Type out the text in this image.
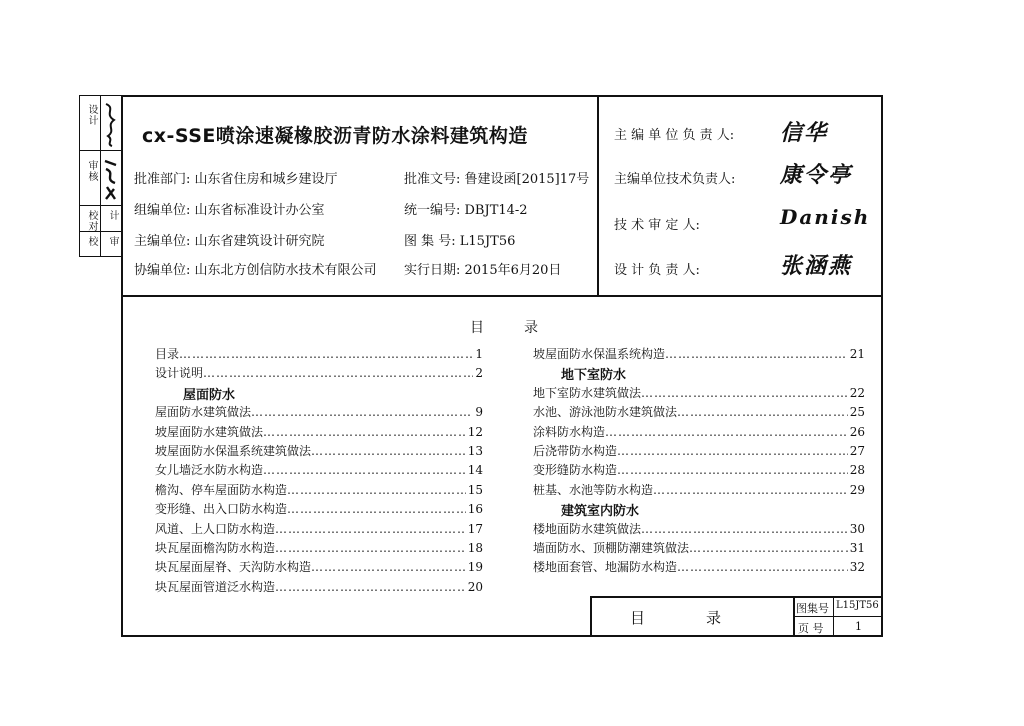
设计
审核
校对
校
计
审
cx-SSE喷涂速凝橡胶沥青防水涂料建筑构造
批准部门: 山东省住房和城乡建设厅	批准文号: 鲁建设函[2015]17号
组编单位: 山东省标准设计办公室	统一编号: DBJT14-2
主编单位: 山东省建筑设计研究院	图 集 号: L15JT56
协编单位: 山东北方创信防水技术有限公司 实行日期: 2015年6月20日
主 编 单 位 负 责 人: 信华
主编单位技术负责人: 康令亭
技 术 审 定 人:	Danish
设 计 负 责 人:	张涵燕
目	录
目录 ……………………………………………………………………………………………………………………	1
设计说明 ……………………………………………………………………………………………………………………	2
屋面防水
屋面防水建筑做法 ……………………………………………………………………………………………………………………	9
坡屋面防水建筑做法 ……………………………………………………………………………………………………………………	12
坡屋面防水保温系统建筑做法 ……………………………………………………………………………………………………………………	13
女儿墙泛水防水构造 ……………………………………………………………………………………………………………………	14
檐沟、停车屋面防水构造 ……………………………………………………………………………………………………………………	15
变形缝、出入口防水构造 ……………………………………………………………………………………………………………………	16
风道、上人口防水构造 ……………………………………………………………………………………………………………………	17
块瓦屋面檐沟防水构造 ……………………………………………………………………………………………………………………	18
块瓦屋面屋脊、天沟防水构造 ……………………………………………………………………………………………………………………	19
块瓦屋面管道泛水构造 ……………………………………………………………………………………………………………………	20
坡屋面防水保温系统构造 ……………………………………………………………………………………………………………………	21
地下室防水
地下室防水建筑做法 ……………………………………………………………………………………………………………………	22
水池、游泳池防水建筑做法 ……………………………………………………………………………………………………………………	25
涂料防水构造 ……………………………………………………………………………………………………………………	26
后浇带防水构造 ……………………………………………………………………………………………………………………	27
变形缝防水构造 ……………………………………………………………………………………………………………………	28
桩基、水池等防水构造 ……………………………………………………………………………………………………………………	29
建筑室内防水
楼地面防水建筑做法 ……………………………………………………………………………………………………………………	30
墙面防水、顶棚防潮建筑做法 ……………………………………………………………………………………………………………………	31
楼地面套管、地漏防水构造 ……………………………………………………………………………………………………………………	32
目	录
图集号 L15JT56
页 号	1
